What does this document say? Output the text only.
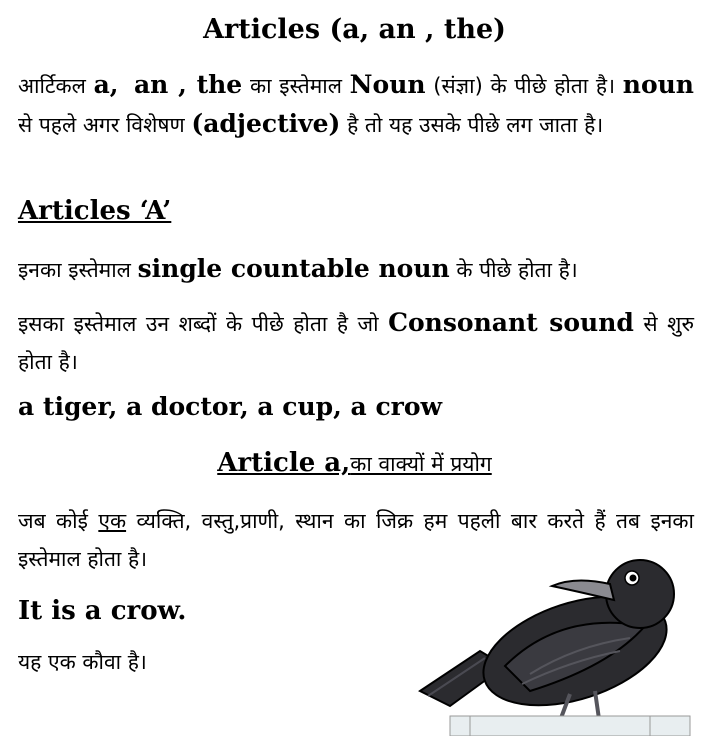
Articles (a, an , the)
आर्टिकल a, an , the का इस्तेमाल Noun (संज्ञा) के पीछे होता है। noun से पहले अगर विशेषण (adjective) है तो यह उसके पीछे लग जाता है।
Articles ‘A’
इनका इस्तेमाल single countable noun के पीछे होता है।
इसका इस्तेमाल उन शब्दों के पीछे होता है जो Consonant sound से शुरु होता है।
a tiger, a doctor, a cup, a crow
Article a,का वाक्यों में प्रयोग
जब कोई एक व्यक्ति, वस्तु,प्राणी, स्थान का जिक्र हम पहली बार करते हैं तब इनका इस्तेमाल होता है।
It is a crow.
यह एक कौवा है।
